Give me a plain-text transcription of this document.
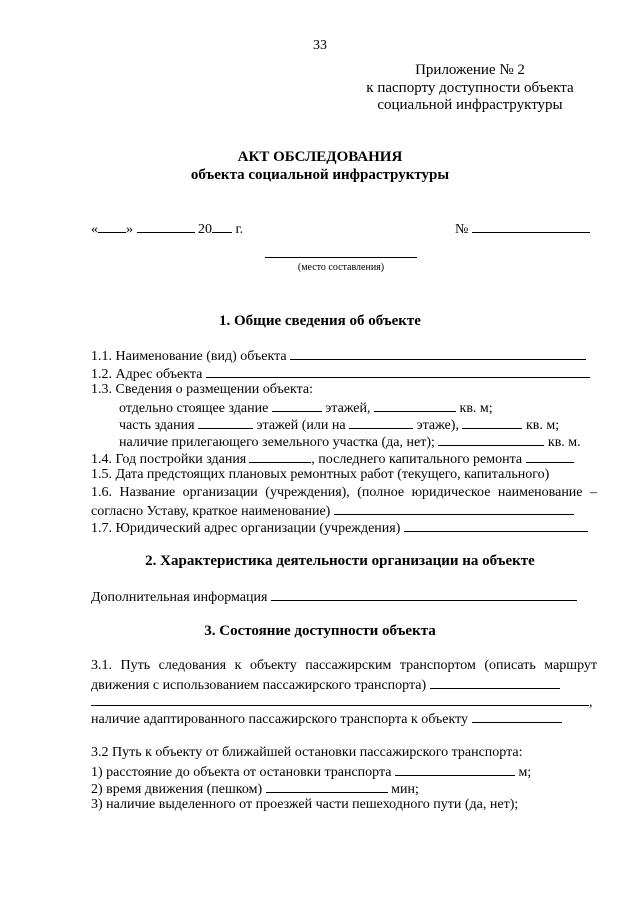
33
Приложение № 2
к паспорту доступности объекта
социальной инфраструктуры
АКТ ОБСЛЕДОВАНИЯ
объекта социальной инфраструктуры
« »	20 г.	№
(место составления)
1. Общие сведения об объекте
1.1. Наименование (вид) объекта
1.2. Адрес объекта
1.3. Сведения о размещении объекта:
отдельно стоящее здание	этажей,	кв. м;
часть здания	этажей (или на	этаже),	кв. м;
наличие прилегающего земельного участка (да, нет);	кв. м.
1.4. Год постройки здания	, последнего капитального ремонта
1.5. Дата предстоящих плановых ремонтных работ (текущего, капитального)
1.6. Название организации (учреждения), (полное юридическое наименование –
согласно Уставу, краткое наименование)
1.7. Юридический адрес организации (учреждения)
2. Характеристика деятельности организации на объекте
Дополнительная информация
3. Состояние доступности объекта
3.1. Путь следования к объекту пассажирским транспортом (описать маршрут
движения с использованием пассажирского транспорта)
,
наличие адаптированного пассажирского транспорта к объекту
3.2 Путь к объекту от ближайшей остановки пассажирского транспорта:
1) расстояние до объекта от остановки транспорта	м;
2) время движения (пешком)	мин;
3) наличие выделенного от проезжей части пешеходного пути (да, нет);
